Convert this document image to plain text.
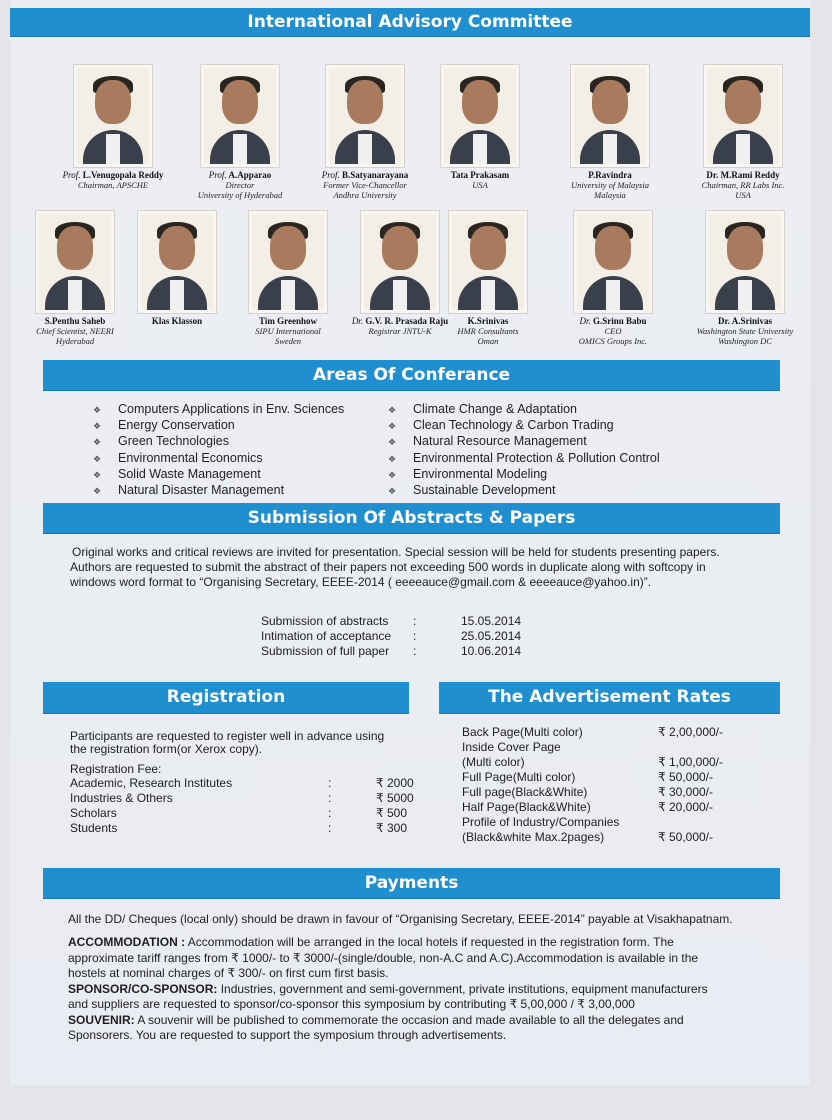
International Advisory Committee
Prof. L.Venugopala Reddy
Chairman, APSCHE
Prof. A.Apparao
Director
University of Hyderabad
Prof. B.Satyanarayana
Former Vice-Chancellor
Andhra University
Tata Prakasam
USA
P.Ravindra
University of Malaysia
Malaysia
Dr. M.Rami Reddy
Chairman, RR Labs Inc.
USA
S.Penthu Saheb
Chief Scientist, NEERI
Hyderabad
Klas Klasson	Tim Greenhow
SIPU International
Sweden
Dr. G.V. R. Prasada Raju
Registrar JNTU-K
K.Srinivas
HMR Consultants
Oman
Dr. G.Srinu Babu
CEO
OMICS Groups Inc.
Dr. A.Srinivas
Washington State University
Washington DC
Areas Of Conferance
❖ Computers Applications in Env. Sciences
❖ Energy Conservation
❖ Green Technologies
❖ Environmental Economics
❖ Solid Waste Management
❖ Natural Disaster Management
❖ Climate Change & Adaptation
❖ Clean Technology & Carbon Trading
❖ Natural Resource Management
❖ Environmental Protection & Pollution Control
❖ Environmental Modeling
❖ Sustainable Development
Submission Of Abstracts & Papers
Original works and critical reviews are invited for presentation. Special session will be held for students presenting papers.
Authors are requested to submit the abstract of their papers not exceeding 500 words in duplicate along with softcopy in
windows word format to “Organising Secretary, EEEE-2014 ( eeeeauce@gmail.com & eeeeauce@yahoo.in)”.
Submission of abstracts :	15.05.2014
Intimation of acceptance :	25.05.2014
Submission of full paper :	10.06.2014
Registration
Participants are requested to register well in advance using
the registration form(or Xerox copy).
Registration Fee:
Academic, Research Institutes	:	₹ 2000
Industries & Others	:	₹ 5000
Scholars	:	₹ 500
Students	:	₹ 300
The Advertisement Rates
Back Page(Multi color)	₹ 2,00,000/-
Inside Cover Page
(Multi color)	₹ 1,00,000/-
Full Page(Multi color)	₹ 50,000/-
Full page(Black&White)	₹ 30,000/-
Half Page(Black&White)	₹ 20,000/-
Profile of Industry/Companies
(Black&white Max.2pages)	₹ 50,000/-
Payments
All the DD/ Cheques (local only) should be drawn in favour of “Organising Secretary, EEEE-2014” payable at Visakhapatnam.
ACCOMMODATION : Accommodation will be arranged in the local hotels if requested in the registration form. The
approximate tariff ranges from ₹ 1000/- to ₹ 3000/-(single/double, non-A.C and A.C).Accommodation is available in the
hostels at nominal charges of ₹ 300/- on first cum first basis.
SPONSOR/CO-SPONSOR: Industries, government and semi-government, private institutions, equipment manufacturers
and suppliers are requested to sponsor/co-sponsor this symposium by contributing ₹ 5,00,000 / ₹ 3,00,000
SOUVENIR: A souvenir will be published to commemorate the occasion and made available to all the delegates and
Sponsorers. You are requested to support the symposium through advertisements.
